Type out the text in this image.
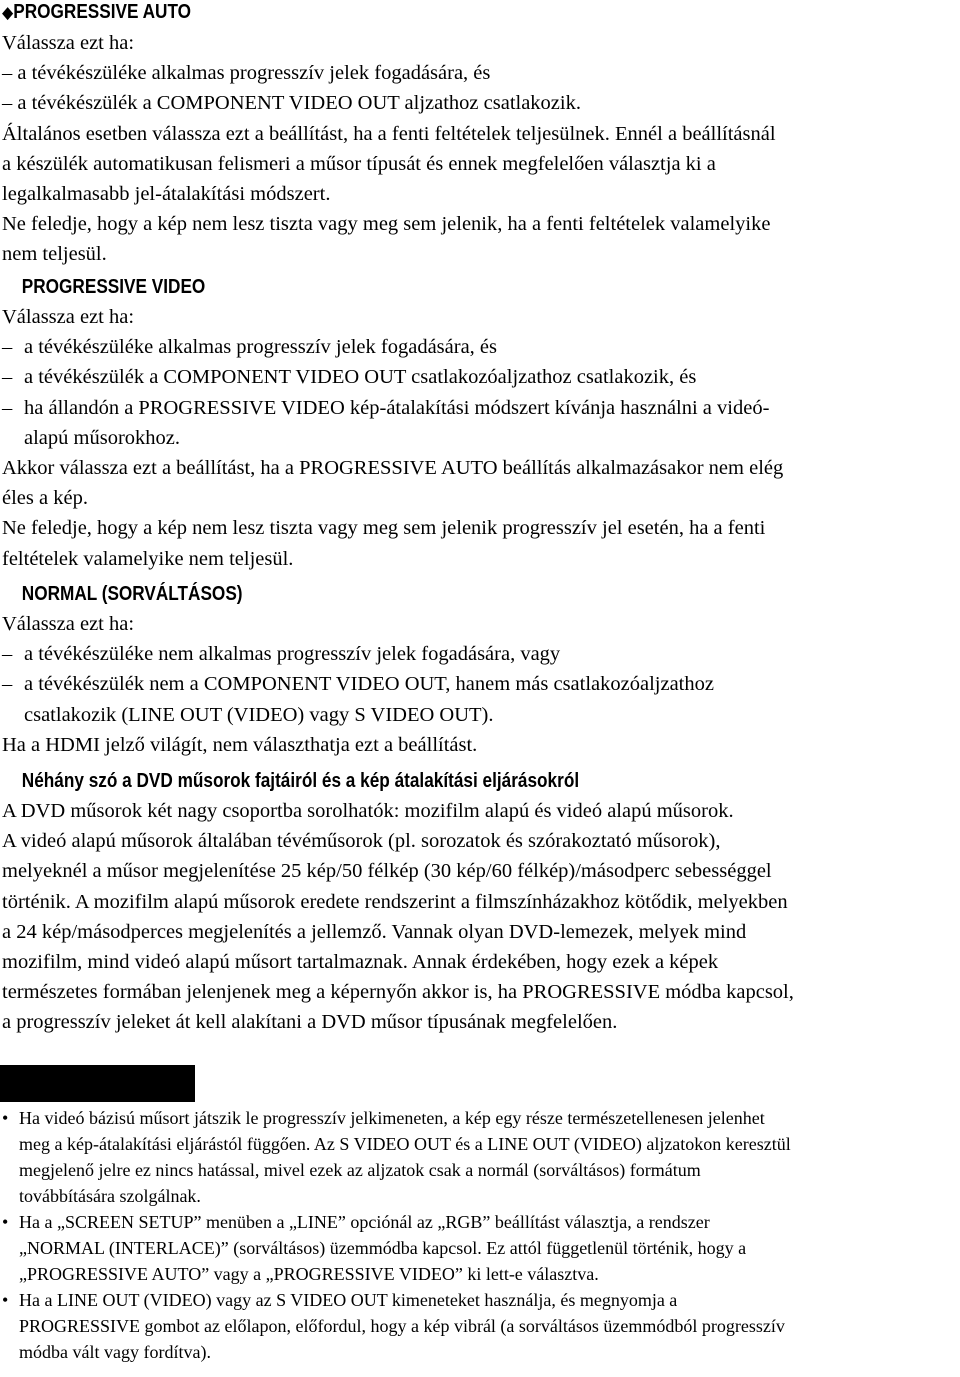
◆PROGRESSIVE AUTO
Válassza ezt ha:
– a tévékészüléke alkalmas progresszív jelek fogadására, és
– a tévékészülék a COMPONENT VIDEO OUT aljzathoz csatlakozik.
Általános esetben válassza ezt a beállítást, ha a fenti feltételek teljesülnek. Ennél a beállításnál
a készülék automatikusan felismeri a műsor típusát és ennek megfelelően választja ki a
legalkalmasabb jel-átalakítási módszert.
Ne feledje, hogy a kép nem lesz tiszta vagy meg sem jelenik, ha a fenti feltételek valamelyike
nem teljesül.
PROGRESSIVE VIDEO
Válassza ezt ha:
– a tévékészüléke alkalmas progresszív jelek fogadására, és
– a tévékészülék a COMPONENT VIDEO OUT csatlakozóaljzathoz csatlakozik, és
– ha állandón a PROGRESSIVE VIDEO kép-átalakítási módszert kívánja használni a videó-
alapú műsorokhoz.
Akkor válassza ezt a beállítást, ha a PROGRESSIVE AUTO beállítás alkalmazásakor nem elég
éles a kép.
Ne feledje, hogy a kép nem lesz tiszta vagy meg sem jelenik progresszív jel esetén, ha a fenti
feltételek valamelyike nem teljesül.
NORMAL (SORVÁLTÁSOS)
Válassza ezt ha:
– a tévékészüléke nem alkalmas progresszív jelek fogadására, vagy
– a tévékészülék nem a COMPONENT VIDEO OUT, hanem más csatlakozóaljzathoz
csatlakozik (LINE OUT (VIDEO) vagy S VIDEO OUT).
Ha a HDMI jelző világít, nem választhatja ezt a beállítást.
Néhány szó a DVD műsorok fajtáiról és a kép átalakítási eljárásokról
A DVD műsorok két nagy csoportba sorolhatók: mozifilm alapú és videó alapú műsorok.
A videó alapú műsorok általában tévéműsorok (pl. sorozatok és szórakoztató műsorok),
melyeknél a műsor megjelenítése 25 kép/50 félkép (30 kép/60 félkép)/másodperc sebességgel
történik. A mozifilm alapú műsorok eredete rendszerint a filmszínházakhoz kötődik, melyekben
a 24 kép/másodperces megjelenítés a jellemző. Vannak olyan DVD-lemezek, melyek mind
mozifilm, mind videó alapú műsort tartalmaznak. Annak érdekében, hogy ezek a képek
természetes formában jelenjenek meg a képernyőn akkor is, ha PROGRESSIVE módba kapcsol,
a progresszív jeleket át kell alakítani a DVD műsor típusának megfelelően.
• Ha videó bázisú műsort játszik le progresszív jelkimeneten, a kép egy része természetellenesen jelenhet
meg a kép-átalakítási eljárástól függően. Az S VIDEO OUT és a LINE OUT (VIDEO) aljzatokon keresztül
megjelenő jelre ez nincs hatással, mivel ezek az aljzatok csak a normál (sorváltásos) formátum
továbbítására szolgálnak.
• Ha a „SCREEN SETUP” menüben a „LINE” opciónál az „RGB” beállítást választja, a rendszer
„NORMAL (INTERLACE)” (sorváltásos) üzemmódba kapcsol. Ez attól függetlenül történik, hogy a
„PROGRESSIVE AUTO” vagy a „PROGRESSIVE VIDEO” ki lett-e választva.
• Ha a LINE OUT (VIDEO) vagy az S VIDEO OUT kimeneteket használja, és megnyomja a
PROGRESSIVE gombot az előlapon, előfordul, hogy a kép vibrál (a sorváltásos üzemmódból progresszív
módba vált vagy fordítva).
